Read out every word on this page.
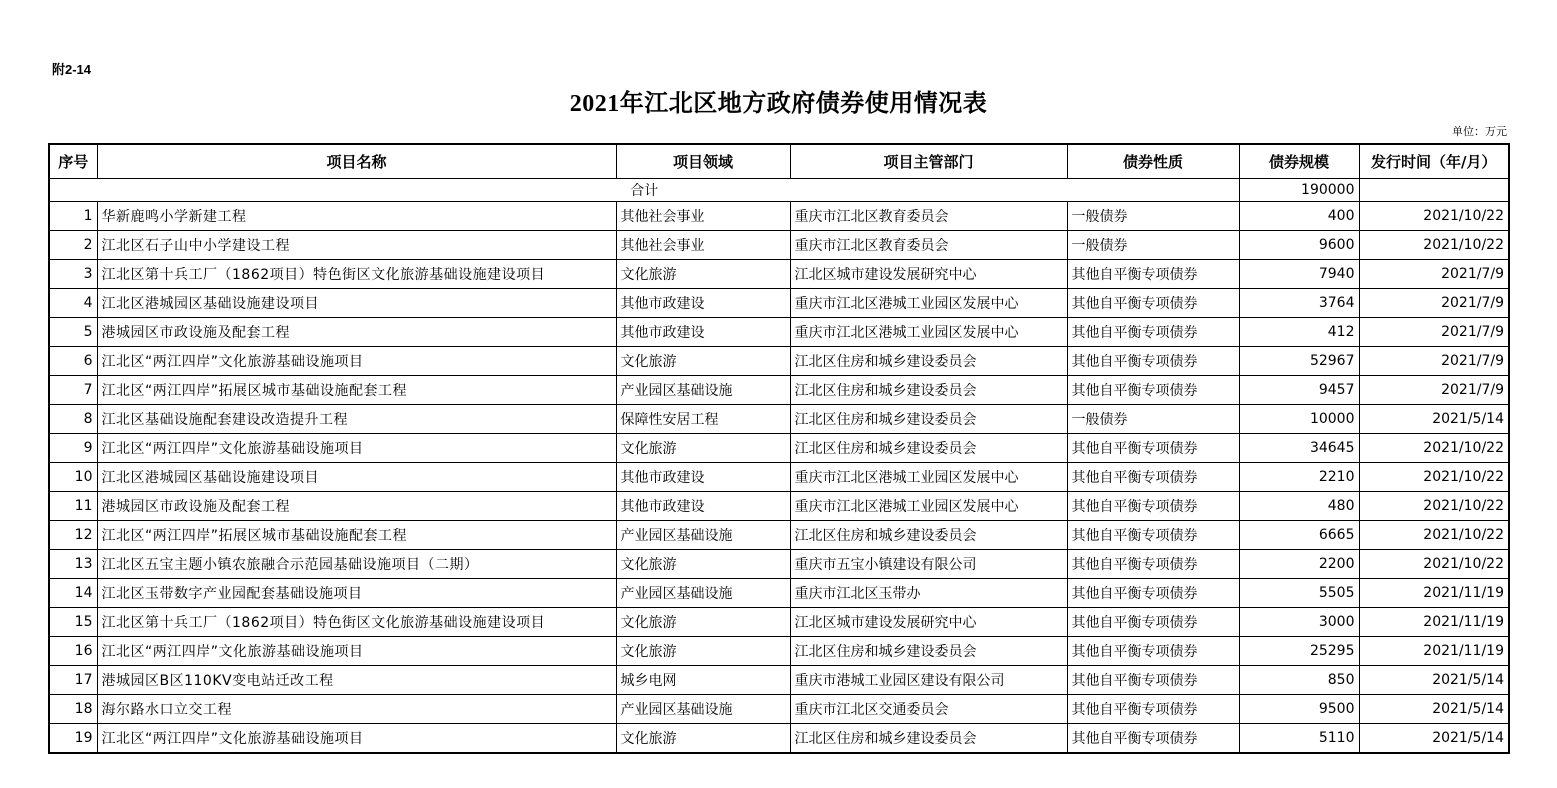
附2-14
2021年江北区地方政府债券使用情况表
单位：万元
序号	项目名称	项目领域	项目主管部门	债券性质	债券规模	发行时间（年/月）
合计					190000	
1	华新鹿鸣小学新建工程	其他社会事业	重庆市江北区教育委员会	一般债券	400	2021/10/22
2	江北区石子山中小学建设工程	其他社会事业	重庆市江北区教育委员会	一般债券	9600	2021/10/22
3	江北区第十兵工厂（1862项目）特色街区文化旅游基础设施建设项目	文化旅游	江北区城市建设发展研究中心	其他自平衡专项债券	7940	2021/7/9
4	江北区港城园区基础设施建设项目	其他市政建设	重庆市江北区港城工业园区发展中心	其他自平衡专项债券	3764	2021/7/9
5	港城园区市政设施及配套工程	其他市政建设	重庆市江北区港城工业园区发展中心	其他自平衡专项债券	412	2021/7/9
6	江北区“两江四岸”文化旅游基础设施项目	文化旅游	江北区住房和城乡建设委员会	其他自平衡专项债券	52967	2021/7/9
7	江北区“两江四岸”拓展区城市基础设施配套工程	产业园区基础设施	江北区住房和城乡建设委员会	其他自平衡专项债券	9457	2021/7/9
8	江北区基础设施配套建设改造提升工程	保障性安居工程	江北区住房和城乡建设委员会	一般债券	10000	2021/5/14
9	江北区“两江四岸”文化旅游基础设施项目	文化旅游	江北区住房和城乡建设委员会	其他自平衡专项债券	34645	2021/10/22
10	江北区港城园区基础设施建设项目	其他市政建设	重庆市江北区港城工业园区发展中心	其他自平衡专项债券	2210	2021/10/22
11	港城园区市政设施及配套工程	其他市政建设	重庆市江北区港城工业园区发展中心	其他自平衡专项债券	480	2021/10/22
12	江北区“两江四岸”拓展区城市基础设施配套工程	产业园区基础设施	江北区住房和城乡建设委员会	其他自平衡专项债券	6665	2021/10/22
13	江北区五宝主题小镇农旅融合示范园基础设施项目（二期）	文化旅游	重庆市五宝小镇建设有限公司	其他自平衡专项债券	2200	2021/10/22
14	江北区玉带数字产业园配套基础设施项目	产业园区基础设施	重庆市江北区玉带办	其他自平衡专项债券	5505	2021/11/19
15	江北区第十兵工厂（1862项目）特色街区文化旅游基础设施建设项目	文化旅游	江北区城市建设发展研究中心	其他自平衡专项债券	3000	2021/11/19
16	江北区“两江四岸”文化旅游基础设施项目	文化旅游	江北区住房和城乡建设委员会	其他自平衡专项债券	25295	2021/11/19
17	港城园区B区110KV变电站迁改工程	城乡电网	重庆市港城工业园区建设有限公司	其他自平衡专项债券	850	2021/5/14
18	海尔路水口立交工程	产业园区基础设施	重庆市江北区交通委员会	其他自平衡专项债券	9500	2021/5/14
19	江北区“两江四岸”文化旅游基础设施项目	文化旅游	江北区住房和城乡建设委员会	其他自平衡专项债券	5110	2021/5/14
